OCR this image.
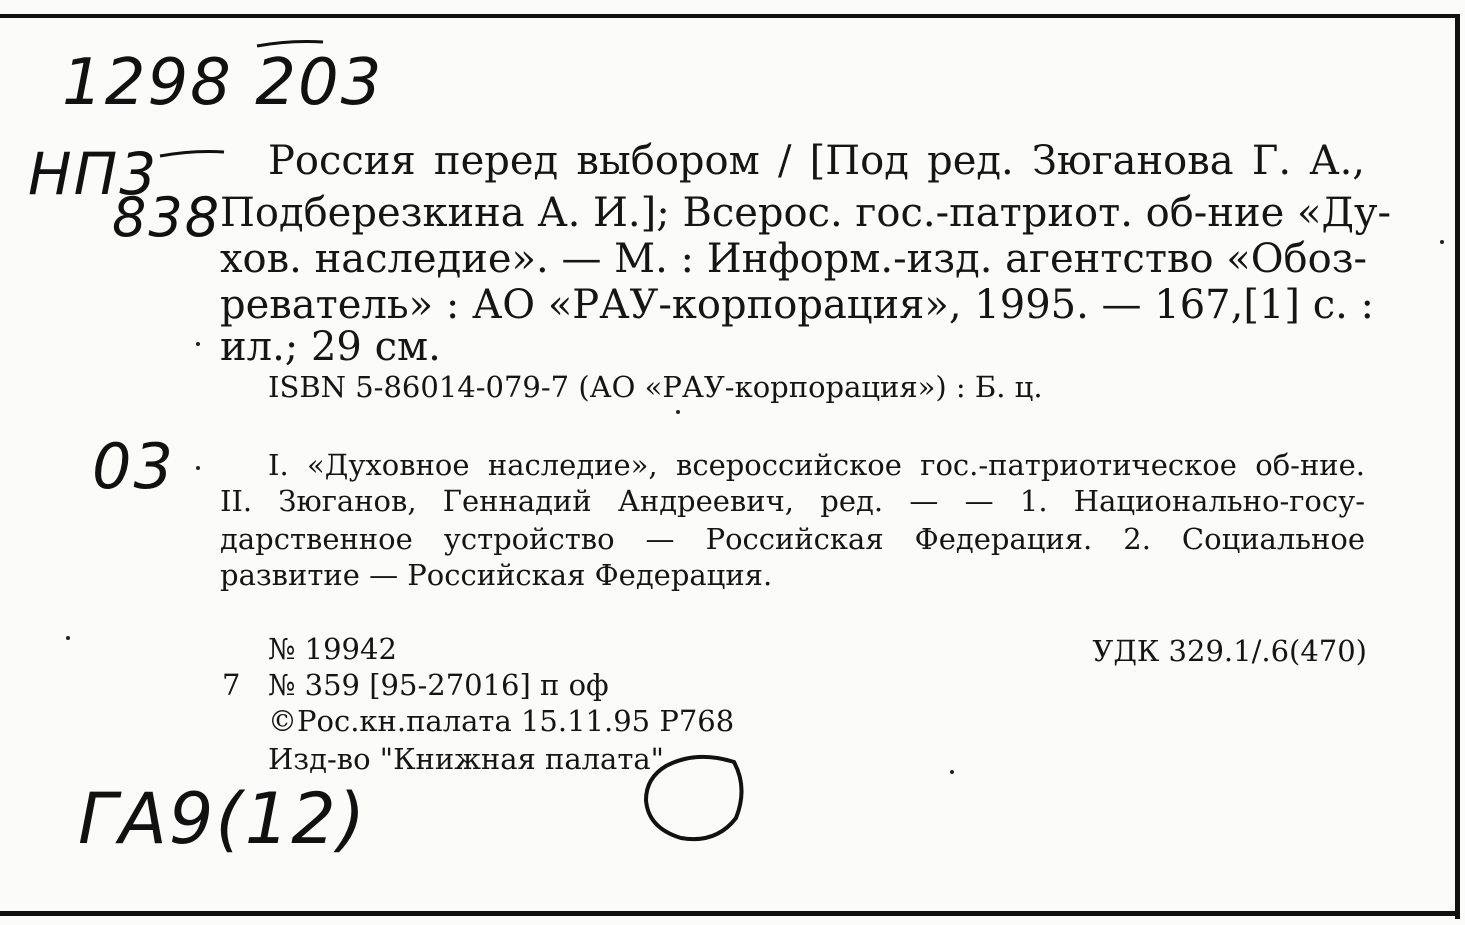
1298 203
НП3
838
03
ГА9(12)
Россия перед выбором / [Под ред. Зюганова Г. А.,
Подберезкина А. И.]; Всерос. гос.-патриот. об-ние «Ду-
хов. наследие». — М. : Информ.-изд. агентство «Обоз-
реватель» : АО «РАУ-корпорация», 1995. — 167,[1] с. :
ил.; 29 см.
ISBN 5-86014-079-7 (АО «РАУ-корпорация») : Б. ц.
I. «Духовное наследие», всероссийское гос.-патриотическое об-ние.
II. Зюганов, Геннадий Андреевич, ред. — — 1. Национально-госу-
дарственное устройство — Российская Федерация. 2. Социальное
развитие — Российская Федерация.
№ 19942	УДК 329.1/.6(470)
7 № 359 [95-27016] п оф
©Рос.кн.палата 15.11.95 Р768
Изд-во "Книжная палата"
